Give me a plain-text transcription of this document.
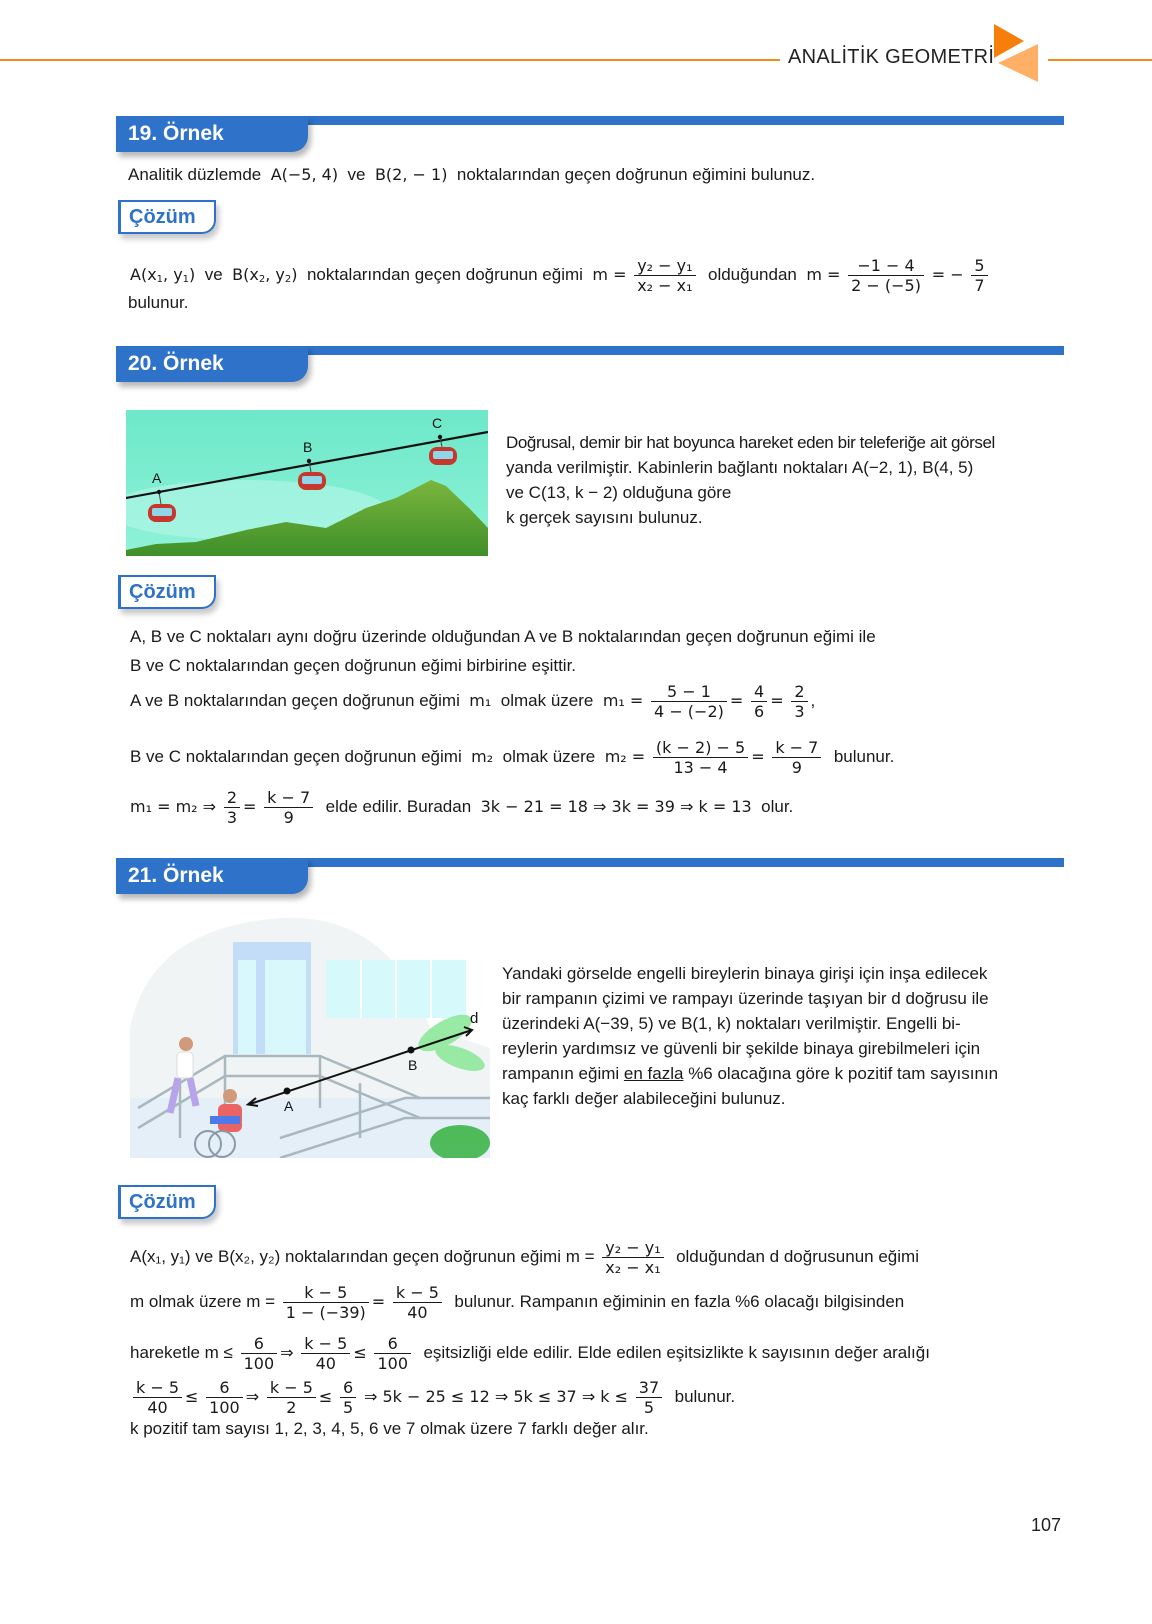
ANALİTİK GEOMETRİ
19. Örnek
Analitik düzlemde A(−5, 4) ve B(2, − 1) noktalarından geçen doğrunun eğimini bulunuz.
Çözüm
$A(x_1$, $y_1$) ve $B(x_2$, $y_2$) noktalarından geçen doğrunun eğimi $m = \frac{\text{y₂ − y₁}}{\text{x₂ − x₁}}$ olduğundan $m = \frac{-1 - 4}{2 - (-5)}$ = − $\frac{5}{7}$
bulunur.
20. Örnek
A
B
C
Doğrusal, demir bir hat boyunca hareket eden bir teleferiğe ait görsel
yanda verilmiştir. Kabinlerin bağlantı noktaları A(−2, 1), B(4, 5)
ve C(13, k − 2) olduğuna göre
k gerçek sayısını bulunuz.
Çözüm
A, B ve C noktaları aynı doğru üzerinde olduğundan A ve B noktalarından geçen doğrunun eğimi ile
B ve C noktalarından geçen doğrunun eğimi birbirine eşittir.
A ve B noktalarından geçen doğrunun eğimi m₁ olmak üzere $m_1 = \frac{5 - 1}{4 - (-2)} = \frac{4}{6} = \frac{2}{3}$ ,
B ve C noktalarından geçen doğrunun eğimi m₂ olmak üzere $m_2 = \frac{(k - 2) - 5}{13 - 4} = \frac{k - 7}{9}$ bulunur.
m₁ = m₂ ⇒ $\frac{2}{3} = \frac{k - 7}{9}$ elde edilir. Buradan 3k − 21 = 18 ⇒ 3k = 39 ⇒ k = 13 olur.
21. Örnek
A
B
d
Yandaki görselde engelli bireylerin binaya girişi için inşa edilecek
bir rampanın çizimi ve rampayı üzerinde taşıyan bir d doğrusu ile
üzerindeki A(−39, 5) ve B(1, k) noktaları verilmiştir. Engelli bi-
reylerin yardımsız ve güvenli bir şekilde binaya girebilmeleri için
rampanın eğimi en fazla %6 olacağına göre k pozitif tam sayısının
kaç farklı değer alabileceğini bulunuz.
Çözüm
A(x₁, y₁) ve B(x₂, y₂) noktalarından geçen doğrunun eğimi $m = \frac{\text{y₂ − y₁}}{\text{x₂ − x₁}}$ olduğundan d doğrusunun eğimi
m olmak üzere $m = \frac{k - 5}{1 - (-39)} = \frac{k - 5}{40}$ bulunur. Rampanın eğiminin en fazla %6 olacağı bilgisinden
hareketle $m \le \frac{6}{100}$ ⇒ $\frac{k - 5}{40} \le \frac{6}{100}$ eşitsizliği elde edilir. Elde edilen eşitsizlikte k sayısının değer aralığı
$\frac{k - 5}{40} \le \frac{6}{100}$ ⇒ $\frac{k - 5}{2} \le \frac{6}{5}$ ⇒ 5k − 25 ≤ 12 ⇒ 5k ≤ 37 ⇒ $k \le \frac{37}{5}$ bulunur.
k pozitif tam sayısı 1, 2, 3, 4, 5, 6 ve 7 olmak üzere 7 farklı değer alır.
107
